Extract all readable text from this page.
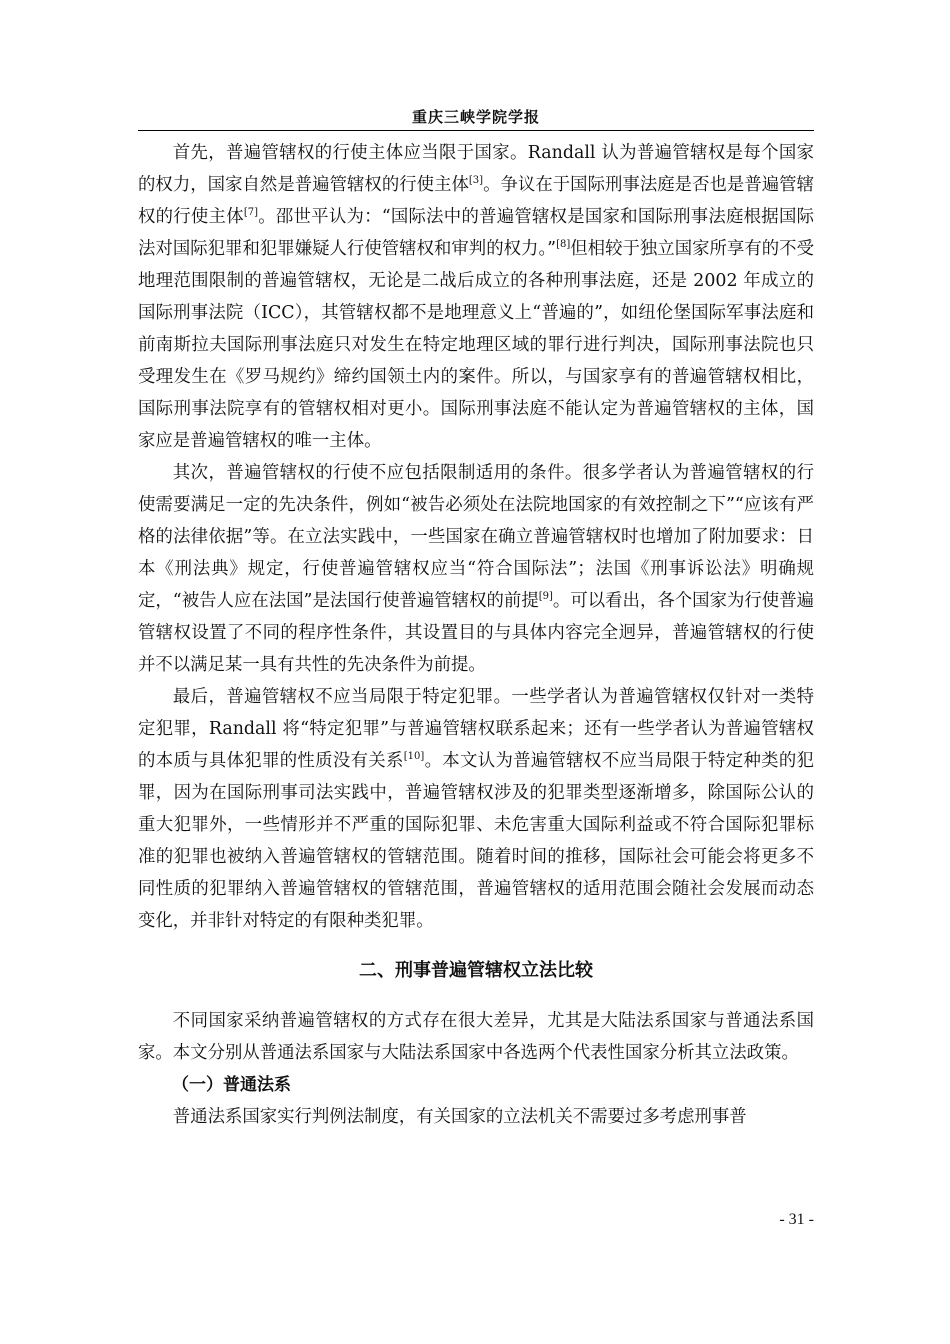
重庆三峡学院学报

首先，普遍管辖权的行使主体应当限于国家。Randall 认为普遍管辖权是每个国家的权力，国家自然是普遍管辖权的行使主体[3]。争议在于国际刑事法庭是否也是普遍管辖权的行使主体[7]。邵世平认为：“国际法中的普遍管辖权是国家和国际刑事法庭根据国际法对国际犯罪和犯罪嫌疑人行使管辖权和审判的权力。”[8]但相较于独立国家所享有的不受地理范围限制的普遍管辖权，无论是二战后成立的各种刑事法庭，还是 2002 年成立的国际刑事法院（ICC），其管辖权都不是地理意义上“普遍的”，如纽伦堡国际军事法庭和前南斯拉夫国际刑事法庭只对发生在特定地理区域的罪行进行判决，国际刑事法院也只受理发生在《罗马规约》缔约国领土内的案件。所以，与国家享有的普遍管辖权相比，国际刑事法院享有的管辖权相对更小。国际刑事法庭不能认定为普遍管辖权的主体，国家应是普遍管辖权的唯一主体。

其次，普遍管辖权的行使不应包括限制适用的条件。很多学者认为普遍管辖权的行使需要满足一定的先决条件，例如“被告必须处在法院地国家的有效控制之下”“应该有严格的法律依据”等。在立法实践中，一些国家在确立普遍管辖权时也增加了附加要求：日本《刑法典》规定，行使普遍管辖权应当“符合国际法”；法国《刑事诉讼法》明确规定，“被告人应在法国”是法国行使普遍管辖权的前提[9]。可以看出，各个国家为行使普遍管辖权设置了不同的程序性条件，其设置目的与具体内容完全迥异，普遍管辖权的行使并不以满足某一具有共性的先决条件为前提。

最后，普遍管辖权不应当局限于特定犯罪。一些学者认为普遍管辖权仅针对一类特定犯罪，Randall 将“特定犯罪”与普遍管辖权联系起来；还有一些学者认为普遍管辖权的本质与具体犯罪的性质没有关系[10]。本文认为普遍管辖权不应当局限于特定种类的犯罪，因为在国际刑事司法实践中，普遍管辖权涉及的犯罪类型逐渐增多，除国际公认的重大犯罪外，一些情形并不严重的国际犯罪、未危害重大国际利益或不符合国际犯罪标准的犯罪也被纳入普遍管辖权的管辖范围。随着时间的推移，国际社会可能会将更多不同性质的犯罪纳入普遍管辖权的管辖范围，普遍管辖权的适用范围会随社会发展而动态变化，并非针对特定的有限种类犯罪。

二、刑事普遍管辖权立法比较

不同国家采纳普遍管辖权的方式存在很大差异，尤其是大陆法系国家与普通法系国家。本文分别从普通法系国家与大陆法系国家中各选两个代表性国家分析其立法政策。

（一）普通法系

普通法系国家实行判例法制度，有关国家的立法机关不需要过多考虑刑事普

- 31 -
